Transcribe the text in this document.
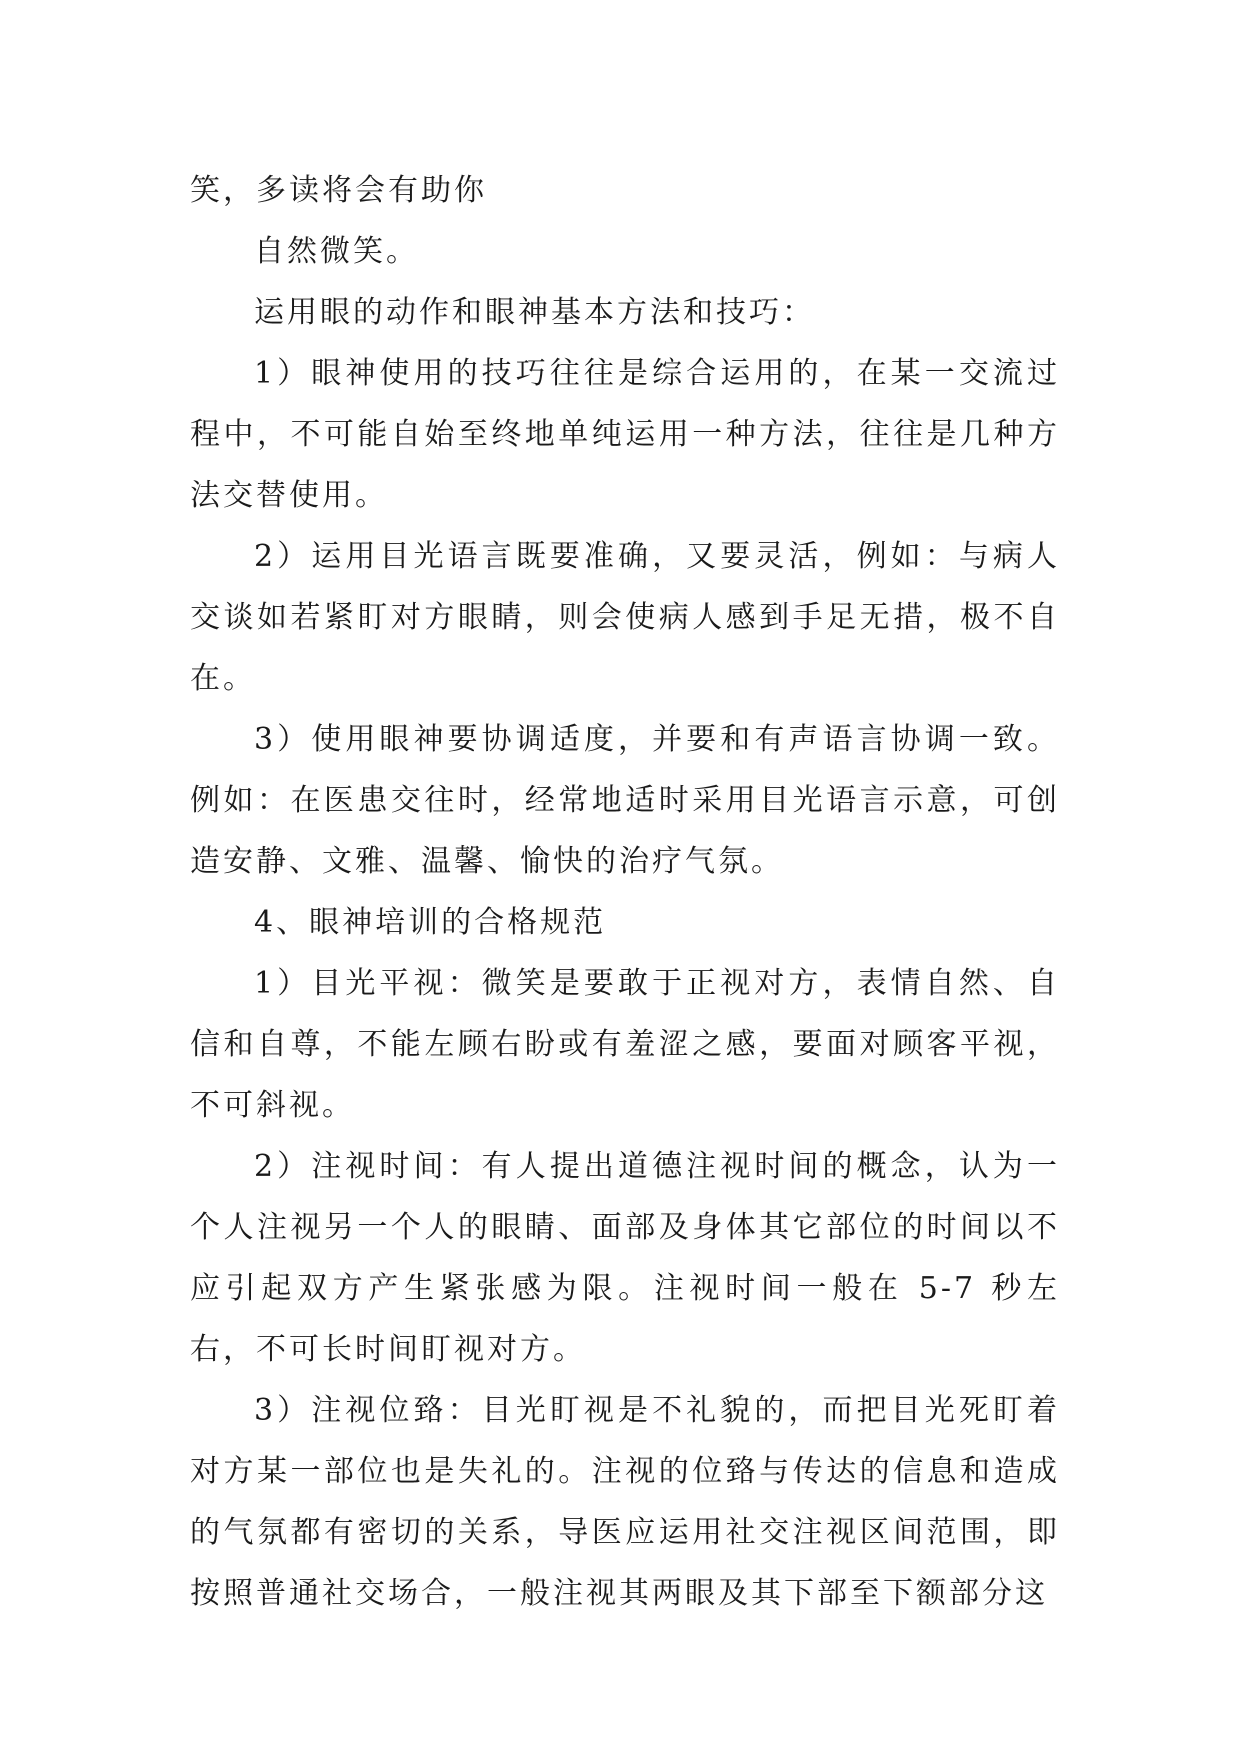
笑，多读将会有助你

自然微笑。

运用眼的动作和眼神基本方法和技巧：

1）眼神使用的技巧往往是综合运用的，在某一交流过程中，不可能自始至终地单纯运用一种方法，往往是几种方法交替使用。

2）运用目光语言既要准确，又要灵活，例如：与病人交谈如若紧盯对方眼睛，则会使病人感到手足无措，极不自在。

3）使用眼神要协调适度，并要和有声语言协调一致。例如：在医患交往时，经常地适时采用目光语言示意，可创造安静、文雅、温馨、愉快的治疗气氛。

4、眼神培训的合格规范

1）目光平视：微笑是要敢于正视对方，表情自然、自信和自尊，不能左顾右盼或有羞涩之感，要面对顾客平视，不可斜视。

2）注视时间：有人提出道德注视时间的概念，认为一个人注视另一个人的眼睛、面部及身体其它部位的时间以不应引起双方产生紧张感为限。注视时间一般在 5-7 秒左右，不可长时间盯视对方。

3）注视位臵：目光盯视是不礼貌的，而把目光死盯着对方某一部位也是失礼的。注视的位臵与传达的信息和造成的气氛都有密切的关系，导医应运用社交注视区间范围，即按照普通社交场合，一般注视其两眼及其下部至下额部分这
